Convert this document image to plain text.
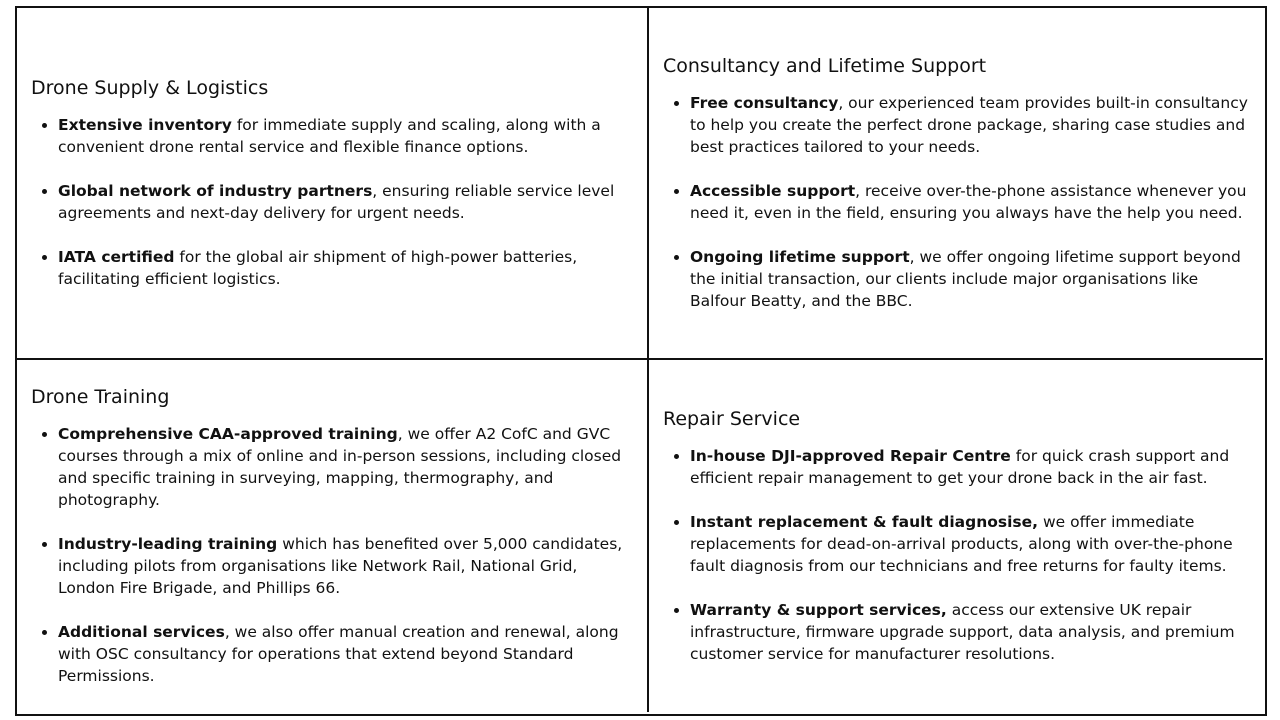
Drone Supply & Logistics
• Extensive inventory for immediate supply and scaling, along with a convenient drone rental service and flexible finance options.
• Global network of industry partners, ensuring reliable service level agreements and next-day delivery for urgent needs.
• IATA certified for the global air shipment of high-power batteries, facilitating efficient logistics.
Consultancy and Lifetime Support
• Free consultancy, our experienced team provides built-in consultancy to help you create the perfect drone package, sharing case studies and best practices tailored to your needs.
• Accessible support, receive over-the-phone assistance whenever you need it, even in the field, ensuring you always have the help you need.
• Ongoing lifetime support, we offer ongoing lifetime support beyond the initial transaction, our clients include major organisations like Balfour Beatty, and the BBC.
Drone Training
• Comprehensive CAA-approved training, we offer A2 CofC and GVC courses through a mix of online and in-person sessions, including closed and specific training in surveying, mapping, thermography, and photography.
• Industry-leading training which has benefited over 5,000 candidates, including pilots from organisations like Network Rail, National Grid, London Fire Brigade, and Phillips 66.
• Additional services, we also offer manual creation and renewal, along with OSC consultancy for operations that extend beyond Standard Permissions.
Repair Service
• In-house DJI-approved Repair Centre for quick crash support and efficient repair management to get your drone back in the air fast.
• Instant replacement & fault diagnosise, we offer immediate replacements for dead-on-arrival products, along with over-the-phone fault diagnosis from our technicians and free returns for faulty items.
• Warranty & support services, access our extensive UK repair infrastructure, firmware upgrade support, data analysis, and premium customer service for manufacturer resolutions.
